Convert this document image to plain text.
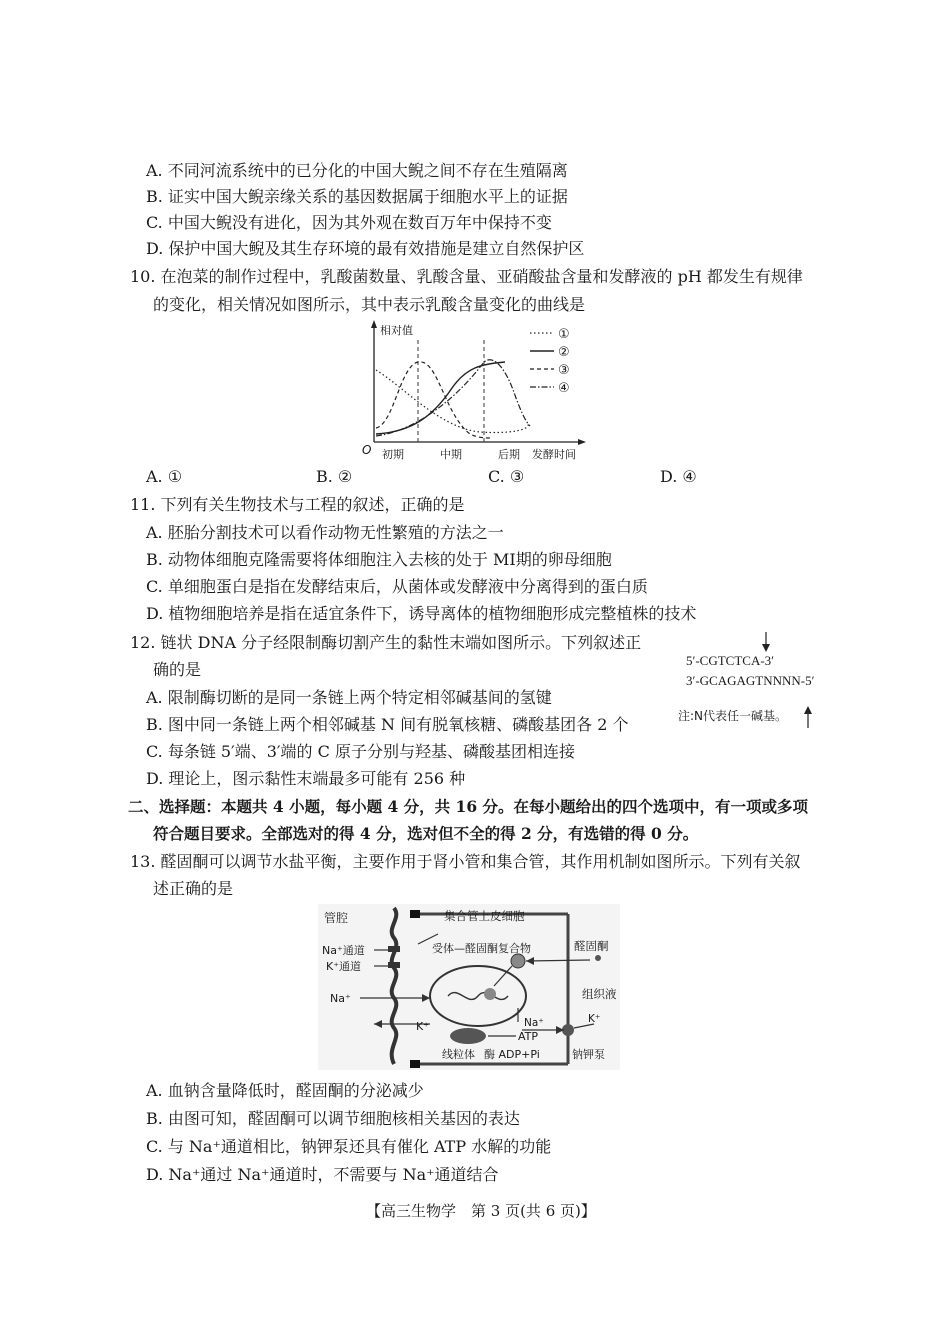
A. 不同河流系统中的已分化的中国大鲵之间不存在生殖隔离
B. 证实中国大鲵亲缘关系的基因数据属于细胞水平上的证据
C. 中国大鲵没有进化，因为其外观在数百万年中保持不变
D. 保护中国大鲵及其生存环境的最有效措施是建立自然保护区
10. 在泡菜的制作过程中，乳酸菌数量、乳酸含量、亚硝酸盐含量和发酵液的 pH 都发生有规律
的变化，相关情况如图所示，其中表示乳酸含量变化的曲线是
①
②
③
④
相对值
O 初期	中期	后期 发酵时间
A. ①	B. ②	C. ③	D. ④
11. 下列有关生物技术与工程的叙述，正确的是
A. 胚胎分割技术可以看作动物无性繁殖的方法之一
B. 动物体细胞克隆需要将体细胞注入去核的处于 MⅠ期的卵母细胞
C. 单细胞蛋白是指在发酵结束后，从菌体或发酵液中分离得到的蛋白质
D. 植物细胞培养是指在适宜条件下，诱导离体的植物细胞形成完整植株的技术
12. 链状 DNA 分子经限制酶切割产生的黏性末端如图所示。下列叙述正
确的是	5′-CGTCTCA-3′
3′-GCAGAGTNNNN-5′
注:N代表任一碱基。
A. 限制酶切断的是同一条链上两个特定相邻碱基间的氢键
B. 图中同一条链上两个相邻碱基 N 间有脱氧核糖、磷酸基团各 2 个
C. 每条链 5′端、3′端的 C 原子分别与羟基、磷酸基团相连接
D. 理论上，图示黏性末端最多可能有 256 种
二、选择题：本题共 4 小题，每小题 4 分，共 16 分。在每小题给出的四个选项中，有一项或多项
符合题目要求。全部选对的得 4 分，选对但不全的得 2 分，有选错的得 0 分。
13. 醛固酮可以调节水盐平衡，主要作用于肾小管和集合管，其作用机制如图所示。下列有关叙
述正确的是
管腔	集合管上皮细胞
Na⁺通道
K⁺通道
Na⁺
K⁺
受体—醛固酮复合物	醛固酮
组织液
Na⁺	K⁺
ATP
线粒体 酶 ADP+Pi	钠钾泵
A. 血钠含量降低时，醛固酮的分泌减少
B. 由图可知，醛固酮可以调节细胞核相关基因的表达
C. 与 Na⁺通道相比，钠钾泵还具有催化 ATP 水解的功能
D. Na⁺通过 Na⁺通道时，不需要与 Na⁺通道结合
【高三生物学　第 3 页(共 6 页)】
